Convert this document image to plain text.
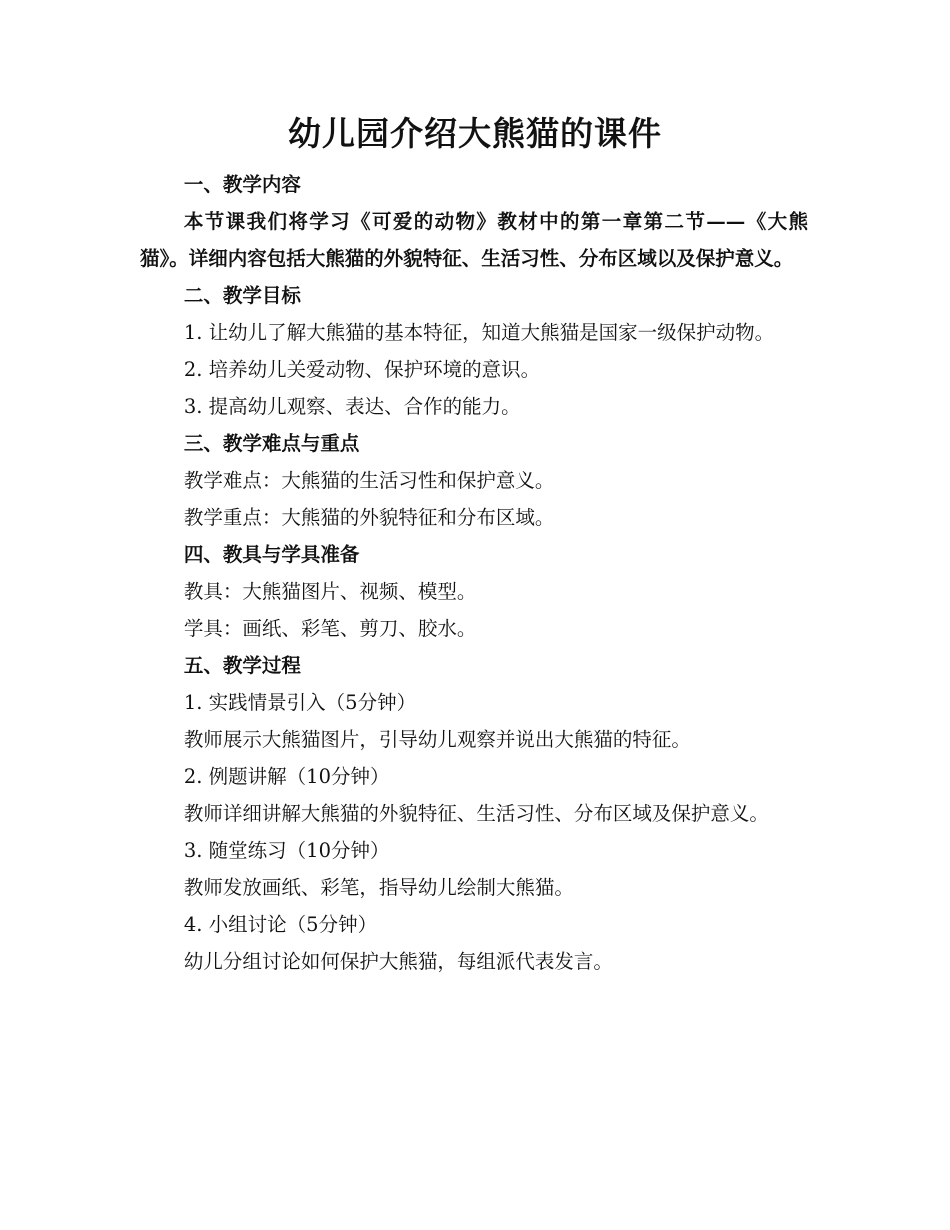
幼儿园介绍大熊猫的课件

一、教学内容

本节课我们将学习《可爱的动物》教材中的第一章第二节——《大熊猫》。详细内容包括大熊猫的外貌特征、生活习性、分布区域以及保护意义。

二、教学目标

1. 让幼儿了解大熊猫的基本特征，知道大熊猫是国家一级保护动物。

2. 培养幼儿关爱动物、保护环境的意识。

3. 提高幼儿观察、表达、合作的能力。

三、教学难点与重点

教学难点：大熊猫的生活习性和保护意义。

教学重点：大熊猫的外貌特征和分布区域。

四、教具与学具准备

教具：大熊猫图片、视频、模型。

学具：画纸、彩笔、剪刀、胶水。

五、教学过程

1. 实践情景引入（5分钟）

教师展示大熊猫图片，引导幼儿观察并说出大熊猫的特征。

2. 例题讲解（10分钟）

教师详细讲解大熊猫的外貌特征、生活习性、分布区域及保护意义。

3. 随堂练习（10分钟）

教师发放画纸、彩笔，指导幼儿绘制大熊猫。

4. 小组讨论（5分钟）

幼儿分组讨论如何保护大熊猫，每组派代表发言。
